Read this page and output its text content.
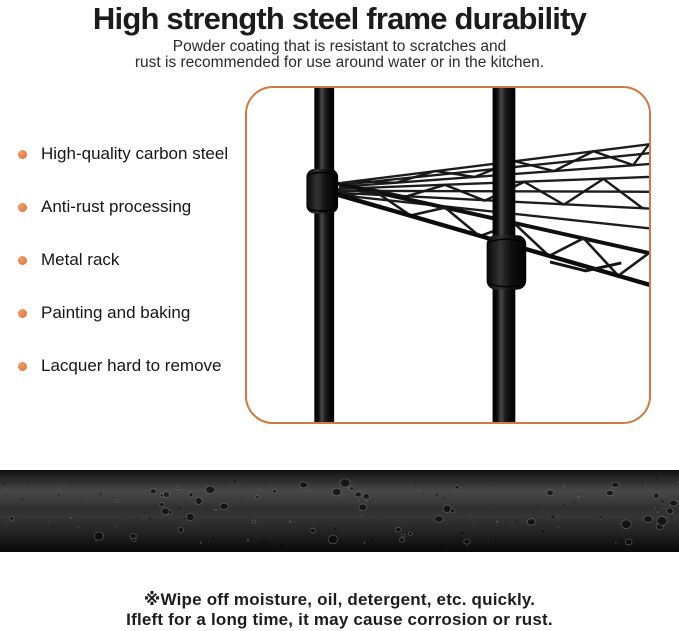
High strength steel frame durability
Powder coating that is resistant to scratches and
rust is recommended for use around water or in the kitchen.
High-quality carbon steel
Anti-rust processing
Metal rack
Painting and baking
Lacquer hard to remove
※Wipe off moisture, oil, detergent, etc. quickly.
Ifleft for a long time, it may cause corrosion or rust.
